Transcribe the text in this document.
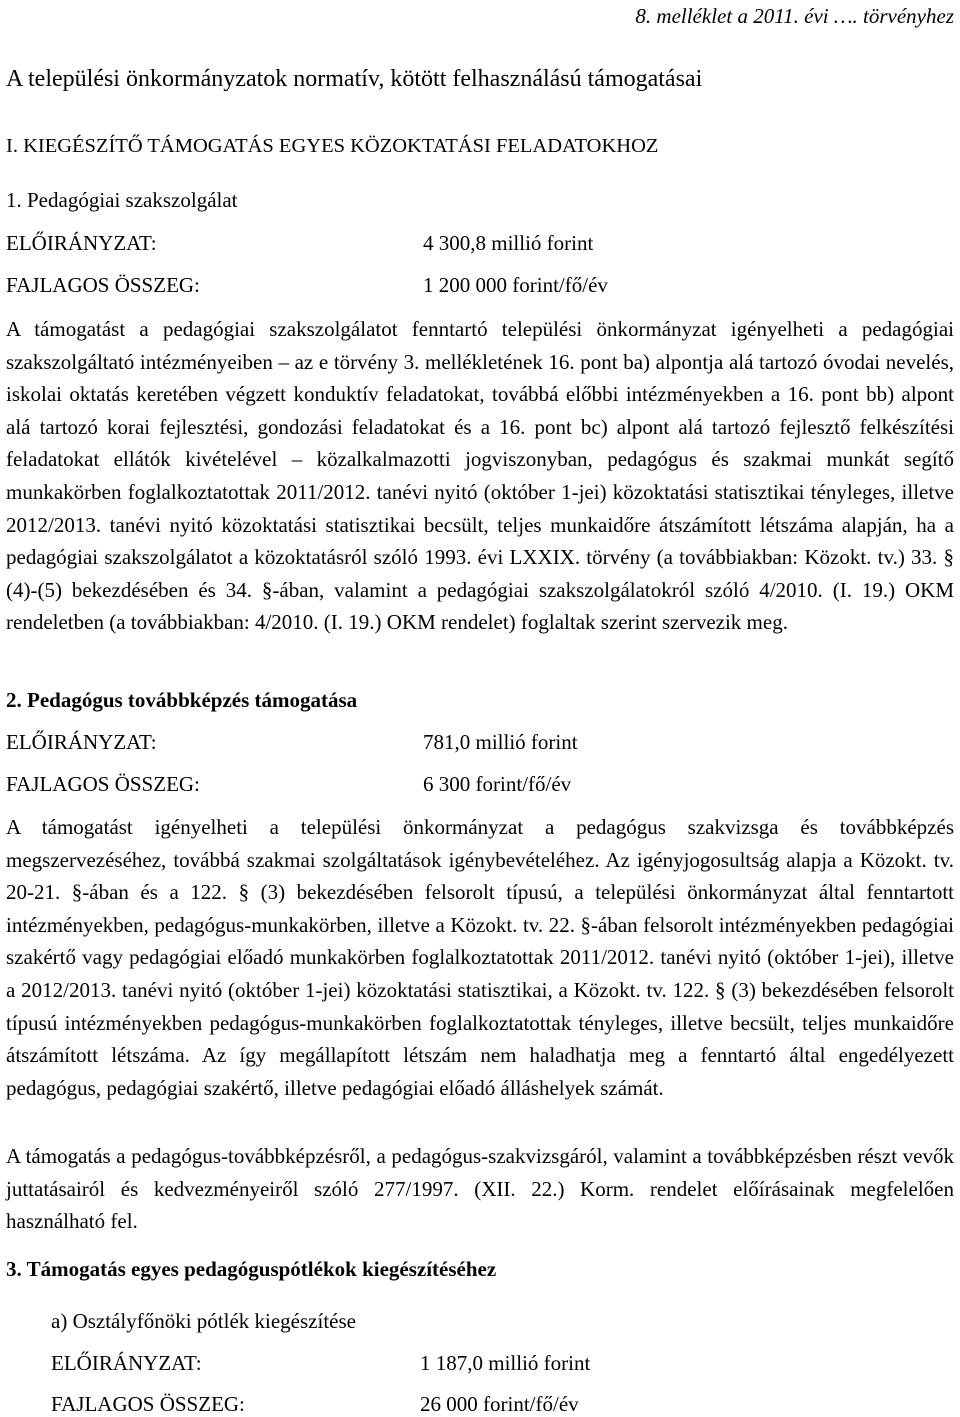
8. melléklet a 2011. évi …. törvényhez
A települési önkormányzatok normatív, kötött felhasználású támogatásai
I. KIEGÉSZÍTŐ TÁMOGATÁS EGYES KÖZOKTATÁSI FELADATOKHOZ
1. Pedagógiai szakszolgálat
ELŐIRÁNYZAT:	4 300,8 millió forint
FAJLAGOS ÖSSZEG:	1 200 000 forint/fő/év
A támogatást a pedagógiai szakszolgálatot fenntartó települési önkormányzat igényelheti a pedagógiai szakszolgáltató intézményeiben – az e törvény 3. mellékletének 16. pont ba) alpontja alá tartozó óvodai nevelés, iskolai oktatás keretében végzett konduktív feladatokat, továbbá előbbi intézményekben a 16. pont bb) alpont alá tartozó korai fejlesztési, gondozási feladatokat és a 16. pont bc) alpont alá tartozó fejlesztő felkészítési feladatokat ellátók kivételével – közalkalmazotti jogviszonyban, pedagógus és szakmai munkát segítő munkakörben foglalkoztatottak 2011/2012. tanévi nyitó (október 1-jei) közoktatási statisztikai tényleges, illetve 2012/2013. tanévi nyitó közoktatási statisztikai becsült, teljes munkaidőre átszámított létszáma alapján, ha a pedagógiai szakszolgálatot a közoktatásról szóló 1993. évi LXXIX. törvény (a továbbiakban: Közokt. tv.) 33. § (4)-(5) bekezdésében és 34. §-ában, valamint a pedagógiai szakszolgálatokról szóló 4/2010. (I. 19.) OKM rendeletben (a továbbiakban: 4/2010. (I. 19.) OKM rendelet) foglaltak szerint szervezik meg.
2. Pedagógus továbbképzés támogatása
ELŐIRÁNYZAT:	781,0 millió forint
FAJLAGOS ÖSSZEG:	6 300 forint/fő/év
A támogatást igényelheti a települési önkormányzat a pedagógus szakvizsga és továbbképzés megszervezéséhez, továbbá szakmai szolgáltatások igénybevételéhez. Az igényjogosultság alapja a Közokt. tv. 20-21. §-ában és a 122. § (3) bekezdésében felsorolt típusú, a települési önkormányzat által fenntartott intézményekben, pedagógus-munkakörben, illetve a Közokt. tv. 22. §-ában felsorolt intézményekben pedagógiai szakértő vagy pedagógiai előadó munkakörben foglalkoztatottak 2011/2012. tanévi nyitó (október 1-jei), illetve a 2012/2013. tanévi nyitó (október 1-jei) közoktatási statisztikai, a Közokt. tv. 122. § (3) bekezdésében felsorolt típusú intézményekben pedagógus-munkakörben foglalkoztatottak tényleges, illetve becsült, teljes munkaidőre átszámított létszáma. Az így megállapított létszám nem haladhatja meg a fenntartó által engedélyezett pedagógus, pedagógiai szakértő, illetve pedagógiai előadó álláshelyek számát.
A támogatás a pedagógus-továbbképzésről, a pedagógus-szakvizsgáról, valamint a továbbképzésben részt vevők juttatásairól és kedvezményeiről szóló 277/1997. (XII. 22.) Korm. rendelet előírásainak megfelelően használható fel.
3. Támogatás egyes pedagóguspótlékok kiegészítéséhez
a) Osztályfőnöki pótlék kiegészítése
ELŐIRÁNYZAT:	1 187,0 millió forint
FAJLAGOS ÖSSZEG:	26 000 forint/fő/év
